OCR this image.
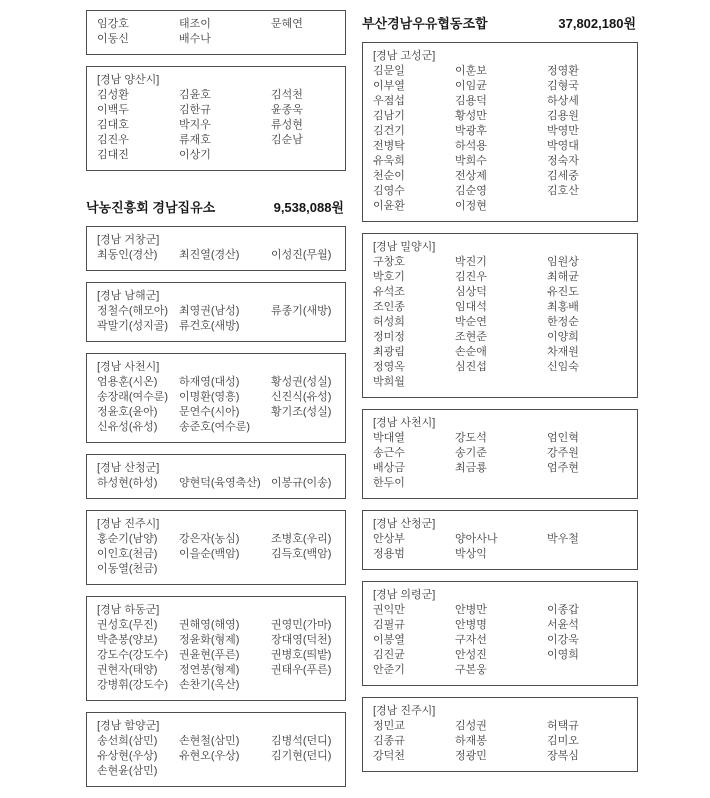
임강호	태조이	문혜연
이동신	배수나
[경남 양산시]
김성환	김윤호	김석천
이백두	김한규	윤종욱
김대호	박지우	류성현
김진우	류재호	김순남
김대진	이상기
낙농진흥회 경남집유소	9,538,088원
[경남 거창군]
최동인(경산)	최진열(경산)	이성진(무월)
[경남 남해군]
정철수(해모아) 최영권(남성)	류종기(새방)
곽말기(성지골) 류건호(새방)
[경남 사천시]
엄용훈(시온)	하재영(대성)	황성권(성실)
송장래(여수룬) 이명환(영흥)	신진식(유성)
정윤호(윤아)	문연수(시아)	황기조(성실)
신유성(유성)	송준호(여수룬)
[경남 산청군]
하성현(하성)	양현덕(육영축산) 이봉규(이송)
[경남 진주시]
홍순기(남양)	강은자(농심)	조병호(우리)
이인호(천금)	이을순(백암)	김득호(백암)
이동열(천금)
[경남 하동군]
권성호(무진)	권해영(해영)	권영민(가마)
박춘봉(양보)	정윤화(형제)	장대영(덕천)
강도수(강도수) 권윤현(푸른)	권병호(띄밭)
권현자(태양)	정연봉(형제)	권태우(푸른)
강병휘(강도수) 손찬기(옥산)
[경남 함양군]
송선희(삼민)	손현철(삼민)	김병석(던디)
유상현(우상)	유현오(우상)	김기현(던디)
손현윤(삼민)
부산경남우유협동조합	37,802,180원
[경남 고성군]
김문일	이훈보	정영환
이부열	이임균	김형국
우점섭	김용덕	하상세
김남기	황성만	김용원
김건기	박광후	박영만
전병탁	하석용	박영대
유욱희	박희수	정숙자
천순이	전상제	김세중
김영수	김순영	김호산
이윤환	이정현
[경남 밀양시]
구창호	박진기	임원상
박호기	김진우	최해균
유석조	심상덕	유진도
조인종	임대석	최홍배
허성희	박순연	한정순
정미정	조현준	이양희
최광림	손순애	차재원
정영옥	심진섭	신임숙
박희월
[경남 사천시]
박대열	강도석	엄인혁
송근수	송기준	강주원
배상금	최금룡	엄주현
한두이
[경남 산청군]
안상부	양아사나	박우철
정용범	박상익
[경남 의령군]
권익만	안병만	이종갑
김필규	안병명	서윤석
이봉열	구자선	이강욱
김진균	안성진	이영희
안준기	구본웅
[경남 진주시]
정민교	김성권	허택규
김종규	하재봉	김미오
강덕천	정광민	장복심
